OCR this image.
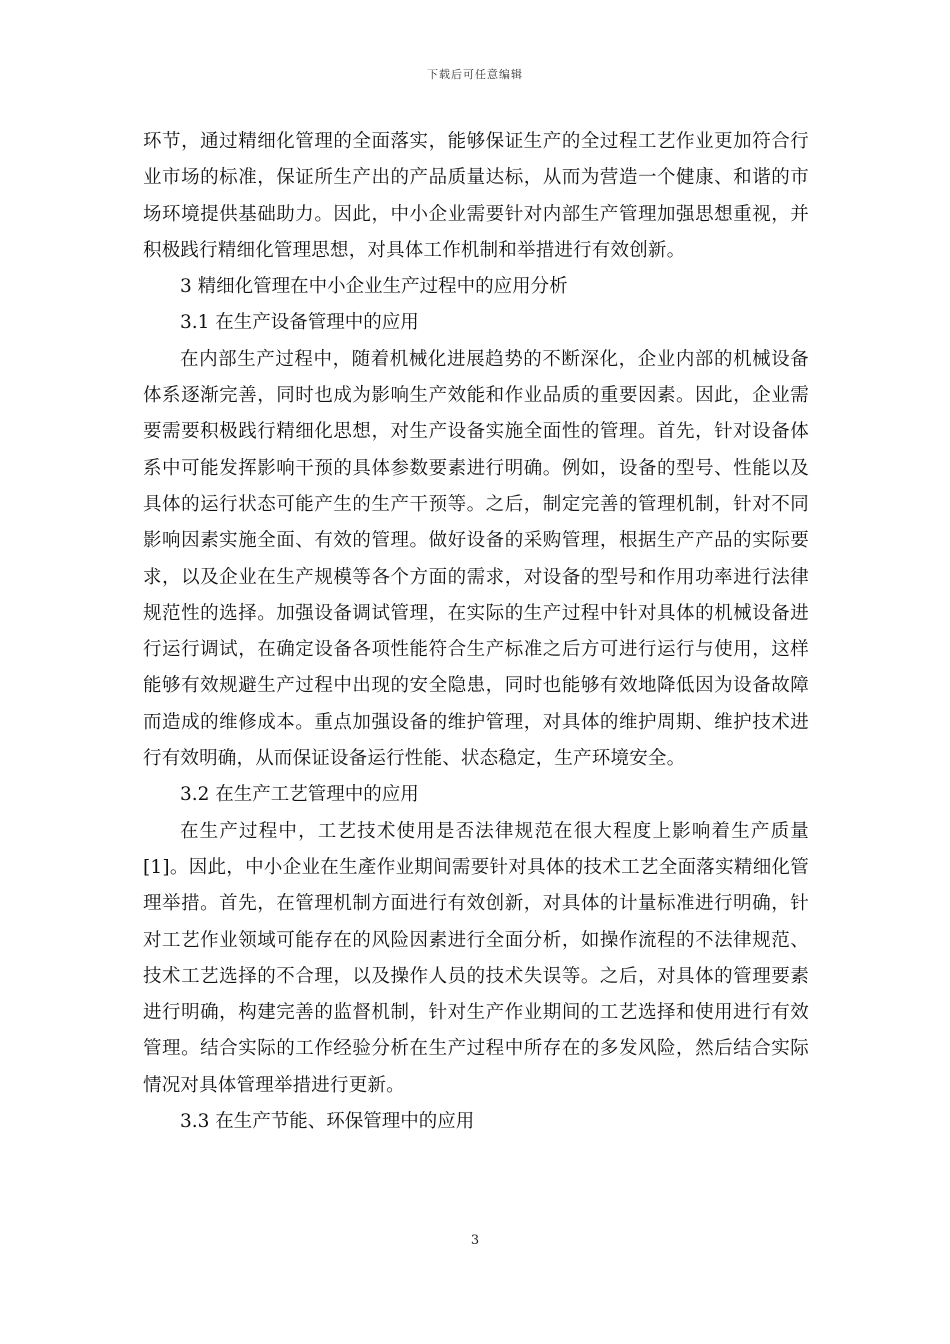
下载后可任意编辑

环节，通过精细化管理的全面落实，能够保证生产的全过程工艺作业更加符合行业市场的标准，保证所生产出的产品质量达标，从而为营造一个健康、和谐的市场环境提供基础助力。因此，中小企业需要针对内部生产管理加强思想重视，并积极践行精细化管理思想，对具体工作机制和举措进行有效创新。

3 精细化管理在中小企业生产过程中的应用分析

3.1 在生产设备管理中的应用

在内部生产过程中，随着机械化进展趋势的不断深化，企业内部的机械设备体系逐渐完善，同时也成为影响生产效能和作业品质的重要因素。因此，企业需要需要积极践行精细化思想，对生产设备实施全面性的管理。首先，针对设备体系中可能发挥影响干预的具体参数要素进行明确。例如，设备的型号、性能以及具体的运行状态可能产生的生产干预等。之后，制定完善的管理机制，针对不同影响因素实施全面、有效的管理。做好设备的采购管理，根据生产产品的实际要求，以及企业在生产规模等各个方面的需求，对设备的型号和作用功率进行法律规范性的选择。加强设备调试管理，在实际的生产过程中针对具体的机械设备进行运行调试，在确定设备各项性能符合生产标准之后方可进行运行与使用，这样能够有效规避生产过程中出现的安全隐患，同时也能够有效地降低因为设备故障而造成的维修成本。重点加强设备的维护管理，对具体的维护周期、维护技术进行有效明确，从而保证设备运行性能、状态稳定，生产环境安全。

3.2 在生产工艺管理中的应用

在生产过程中，工艺技术使用是否法律规范在很大程度上影响着生产质量[1]。因此，中小企业在生產作业期间需要针对具体的技术工艺全面落实精细化管理举措。首先，在管理机制方面进行有效创新，对具体的计量标准进行明确，针对工艺作业领域可能存在的风险因素进行全面分析，如操作流程的不法律规范、技术工艺选择的不合理，以及操作人员的技术失误等。之后，对具体的管理要素进行明确，构建完善的监督机制，针对生产作业期间的工艺选择和使用进行有效管理。结合实际的工作经验分析在生产过程中所存在的多发风险，然后结合实际情况对具体管理举措进行更新。

3.3 在生产节能、环保管理中的应用

3
